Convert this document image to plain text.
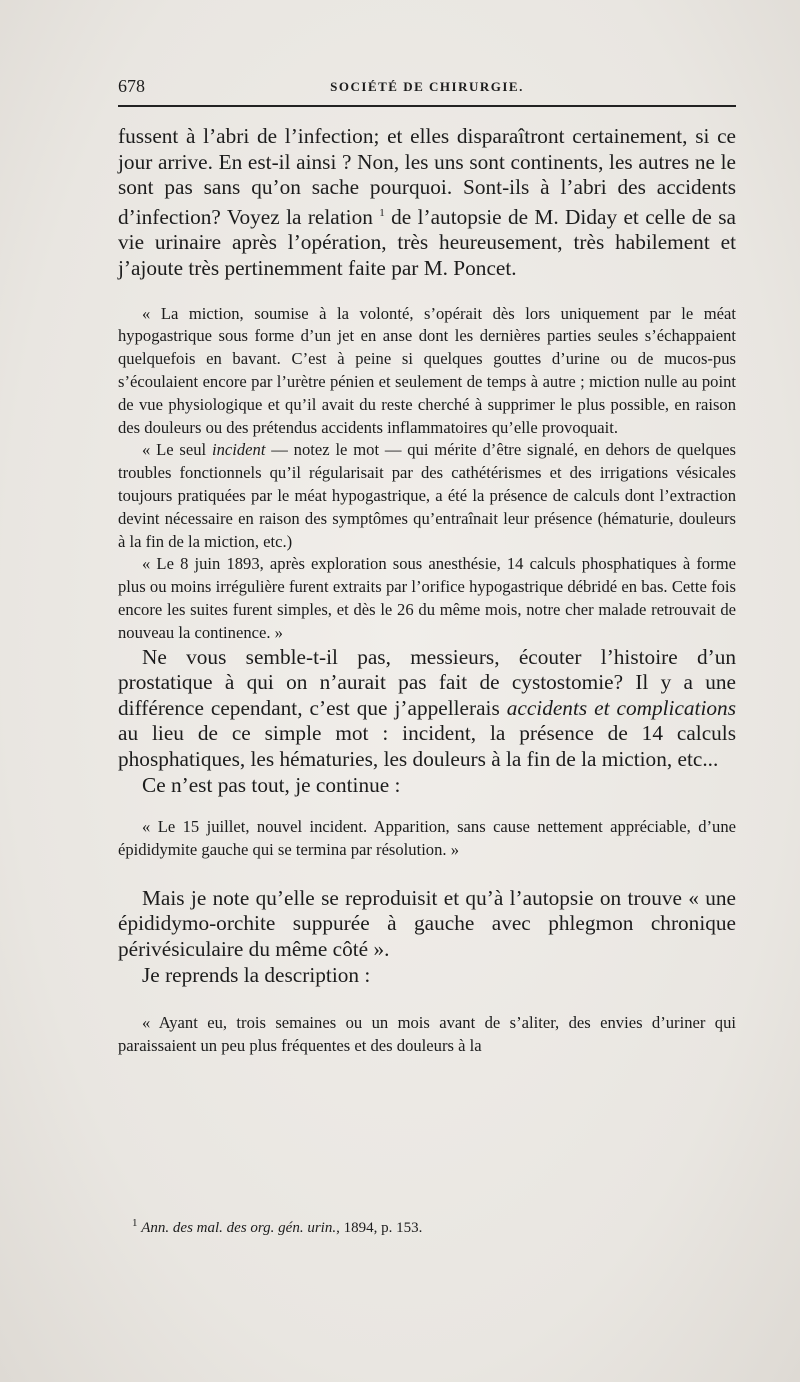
678	SOCIÉTÉ DE CHIRURGIE.

fussent à l’abri de l’infection; et elles disparaîtront certainement, si ce jour arrive. En est-il ainsi ? Non, les uns sont continents, les autres ne le sont pas sans qu’on sache pourquoi. Sont-ils à l’abri des accidents d’infection? Voyez la relation $^1$ de l’autopsie de M. Diday et celle de sa vie urinaire après l’opération, très heureusement, très habilement et j’ajoute très pertinemment faite par M. Poncet.

« La miction, soumise à la volonté, s’opérait dès lors uniquement par le méat hypogastrique sous forme d’un jet en anse dont les dernières parties seules s’échappaient quelquefois en bavant. C’est à peine si quelques gouttes d’urine ou de mucos-pus s’écoulaient encore par l’urètre pénien et seulement de temps à autre ; miction nulle au point de vue physiologique et qu’il avait du reste cherché à supprimer le plus possible, en raison des douleurs ou des prétendus accidents inflammatoires qu’elle provoquait.

« Le seul incident — notez le mot — qui mérite d’être signalé, en dehors de quelques troubles fonctionnels qu’il régularisait par des cathétérismes et des irrigations vésicales toujours pratiquées par le méat hypogastrique, a été la présence de calculs dont l’extraction devint nécessaire en raison des symptômes qu’entraînait leur présence (hématurie, douleurs à la fin de la miction, etc.)

« Le 8 juin 1893, après exploration sous anesthésie, 14 calculs phosphatiques à forme plus ou moins irrégulière furent extraits par l’orifice hypogastrique débridé en bas. Cette fois encore les suites furent simples, et dès le 26 du même mois, notre cher malade retrouvait de nouveau la continence. »

Ne vous semble-t-il pas, messieurs, écouter l’histoire d’un prostatique à qui on n’aurait pas fait de cystostomie? Il y a une différence cependant, c’est que j’appellerais accidents et complications au lieu de ce simple mot : incident, la présence de 14 calculs phosphatiques, les hématuries, les douleurs à la fin de la miction, etc...

Ce n’est pas tout, je continue :

« Le 15 juillet, nouvel incident. Apparition, sans cause nettement appréciable, d’une épididymite gauche qui se termina par résolution. »

Mais je note qu’elle se reproduisit et qu’à l’autopsie on trouve « une épididymo-orchite suppurée à gauche avec phlegmon chronique périvésiculaire du même côté ».

Je reprends la description :

« Ayant eu, trois semaines ou un mois avant de s’aliter, des envies d’uriner qui paraissaient un peu plus fréquentes et des douleurs à la

$^1$ Ann. des mal. des org. gén. urin., 1894, p. 153.
